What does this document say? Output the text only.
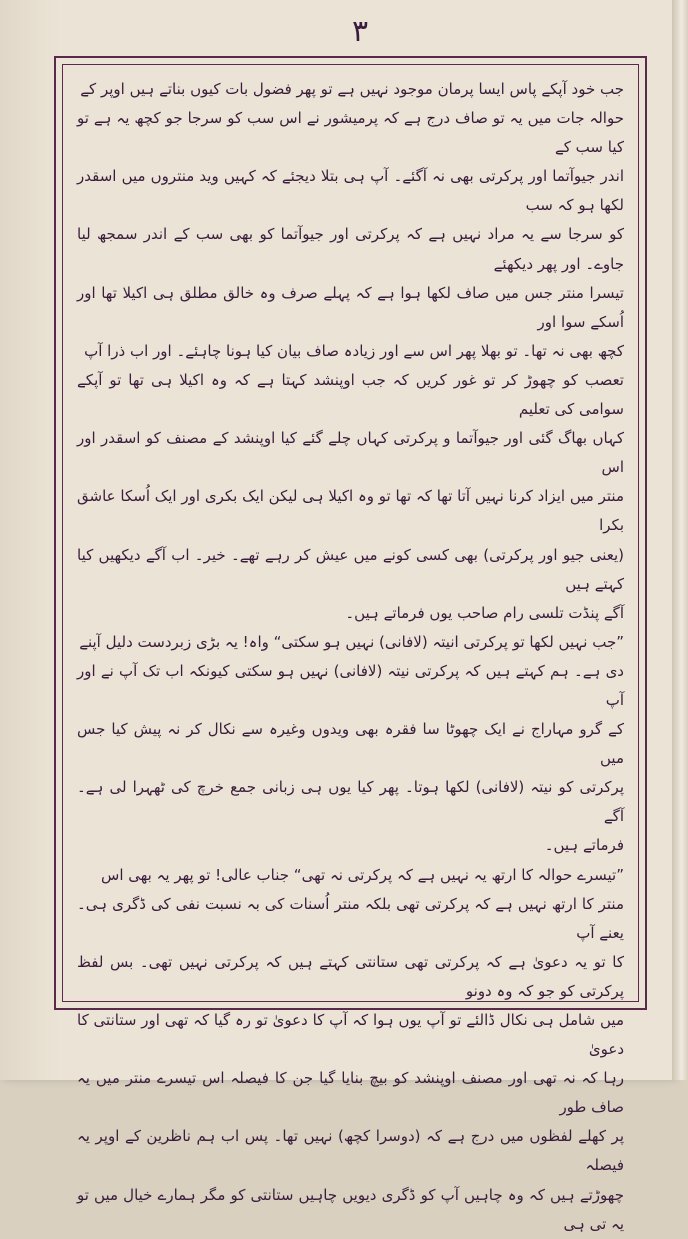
۳

جب خود آپکے پاس ایسا پرمان موجود نہیں ہے تو پھر فضول بات کیوں بناتے ہیں اوپر کے

حوالہ جات میں یہ تو صاف درج ہے کہ پرمیشور نے اس سب کو سرجا جو کچھ یہ ہے تو کیا سب کے

اندر جیوآتما اور پرکرتی بھی نہ آگئے۔ آپ ہی بتلا دیجئے کہ کہیں وید منتروں میں اسقدر لکھا ہو کہ سب

کو سرجا سے یہ مراد نہیں ہے کہ پرکرتی اور جیوآتما کو بھی سب کے اندر سمجھ لیا جاوے۔ اور پھر دیکھئے

تیسرا منتر جس میں صاف لکھا ہوا ہے کہ پہلے صرف وہ خالق مطلق ہی اکیلا تھا اور اُسکے سوا اور

کچھ بھی نہ تھا۔ تو بھلا پھر اس سے اور زیادہ صاف بیان کیا ہونا چاہئے۔ اور اب ذرا آپ

تعصب کو چھوڑ کر تو غور کریں کہ جب اوپنشد کہتا ہے کہ وہ اکیلا ہی تھا تو آپکے سوامی کی تعلیم

کہاں بھاگ گئی اور جیوآتما و پرکرتی کہاں چلے گئے کیا اوپنشد کے مصنف کو اسقدر اور اس

منتر میں ایزاد کرنا نہیں آتا تھا کہ تھا تو وہ اکیلا ہی لیکن ایک بکری اور ایک اُسکا عاشق بکرا

(یعنی جیو اور پرکرتی) بھی کسی کونے میں عیش کر رہے تھے۔ خیر۔ اب آگے دیکھیں کیا کہتے ہیں

آگے پنڈت تلسی رام صاحب یوں فرماتے ہیں۔

”جب نہیں لکھا تو پرکرتی انیتہ (لافانی) نہیں ہو سکتی“ واہ! یہ بڑی زبردست دلیل آپنے

دی ہے۔ ہم کہتے ہیں کہ پرکرتی نیتہ (لافانی) نہیں ہو سکتی کیونکہ اب تک آپ نے اور آپ

کے گرو مہاراج نے ایک چھوٹا سا فقرہ بھی ویدوں وغیرہ سے نکال کر نہ پیش کیا جس میں

پرکرتی کو نیتہ (لافانی) لکھا ہوتا۔ پھر کیا یوں ہی زبانی جمع خرچ کی ٹھہرا لی ہے۔ آگے

فرماتے ہیں۔

”تیسرے حوالہ کا ارتھ یہ نہیں ہے کہ پرکرتی نہ تھی“ جناب عالی! تو پھر یہ بھی اس

منتر کا ارتھ نہیں ہے کہ پرکرتی تھی بلکہ منتر اُسنات کی بہ نسبت نفی کی ڈگری ہی۔ یعنے آپ

کا تو یہ دعویٰ ہے کہ پرکرتی تھی ستانتی کہتے ہیں کہ پرکرتی نہیں تھی۔ بس لفظ پرکرتی کو جو کہ وہ دونو

میں شامل ہی نکال ڈالئے تو آپ یوں ہوا کہ آپ کا دعویٰ تو رہ گیا کہ تھی اور ستانتی کا دعویٰ

رہا کہ نہ تھی اور مصنف اوپنشد کو بیچ بنایا گیا جن کا فیصلہ اس تیسرے منتر میں یہ صاف طور

پر کھلے لفظوں میں درج ہے کہ (دوسرا کچھ) نہیں تھا۔ پس اب ہم ناظرین کے اوپر یہ فیصلہ

چھوڑتے ہیں کہ وہ چاہیں آپ کو ڈگری دیویں چاہیں ستانتی کو مگر ہمارے خیال میں تو یہ تی ہی
